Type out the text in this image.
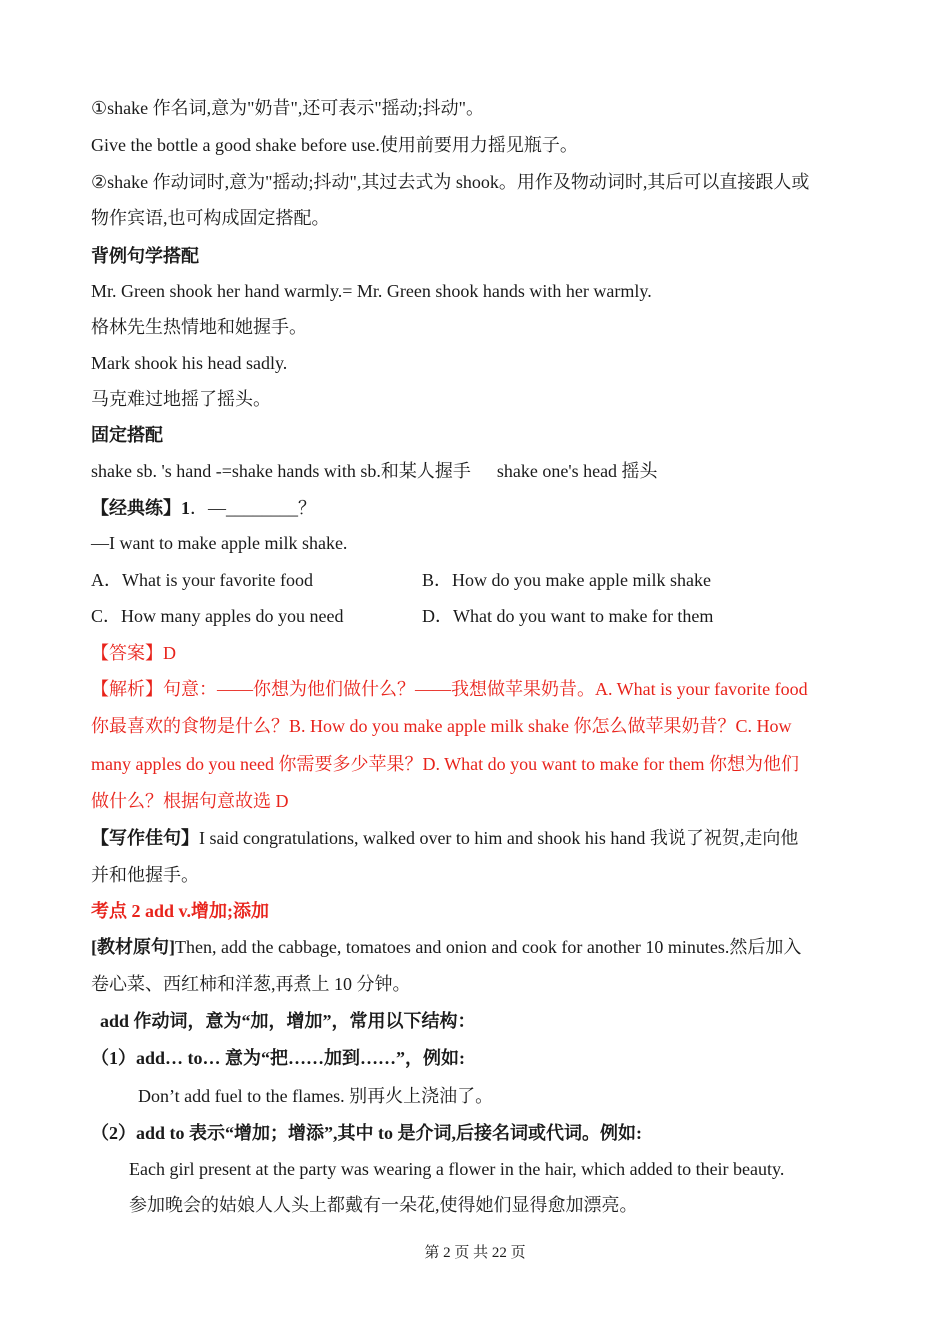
①shake 作名词,意为"奶昔",还可表示"摇动;抖动"。
Give the bottle a good shake before use.使用前要用力摇见瓶子。
②shake 作动词时,意为"摇动;抖动",其过去式为 shook。用作及物动词时,其后可以直接跟人或
物作宾语,也可构成固定搭配。
背例句学搭配
Mr. Green shook her hand warmly.= Mr. Green shook hands with her warmly.
格林先生热情地和她握手。
Mark shook his head sadly.
马克难过地摇了摇头。
固定搭配
shake sb. 's hand -=shake hands with sb.和某人握手 shake one's head 摇头
【经典练】1．—________？
—I want to make apple milk shake.
A．What is your favorite food	B．How do you make apple milk shake
C．How many apples do you need	D．What do you want to make for them
【答案】D
【解析】句意：——你想为他们做什么？——我想做苹果奶昔。A. What is your favorite food
你最喜欢的食物是什么？B. How do you make apple milk shake 你怎么做苹果奶昔？C. How
many apples do you need 你需要多少苹果？D. What do you want to make for them 你想为他们
做什么？根据句意故选 D
【写作佳句】I said congratulations, walked over to him and shook his hand 我说了祝贺,走向他
并和他握手。
考点 2 add v.增加;添加
[教材原句]Then, add the cabbage, tomatoes and onion and cook for another 10 minutes.然后加入
卷心菜、西红柿和洋葱,再煮上 10 分钟。
add 作动词，意为“加，增加”，常用以下结构：
（1）add… to… 意为“把……加到……”，例如:
Don’t add fuel to the flames. 别再火上浇油了。
（2）add to 表示“增加；增添”,其中 to 是介词,后接名词或代词。例如:
Each girl present at the party was wearing a flower in the hair, which added to their beauty.
参加晚会的姑娘人人头上都戴有一朵花,使得她们显得愈加漂亮。
第 2 页 共 22 页
